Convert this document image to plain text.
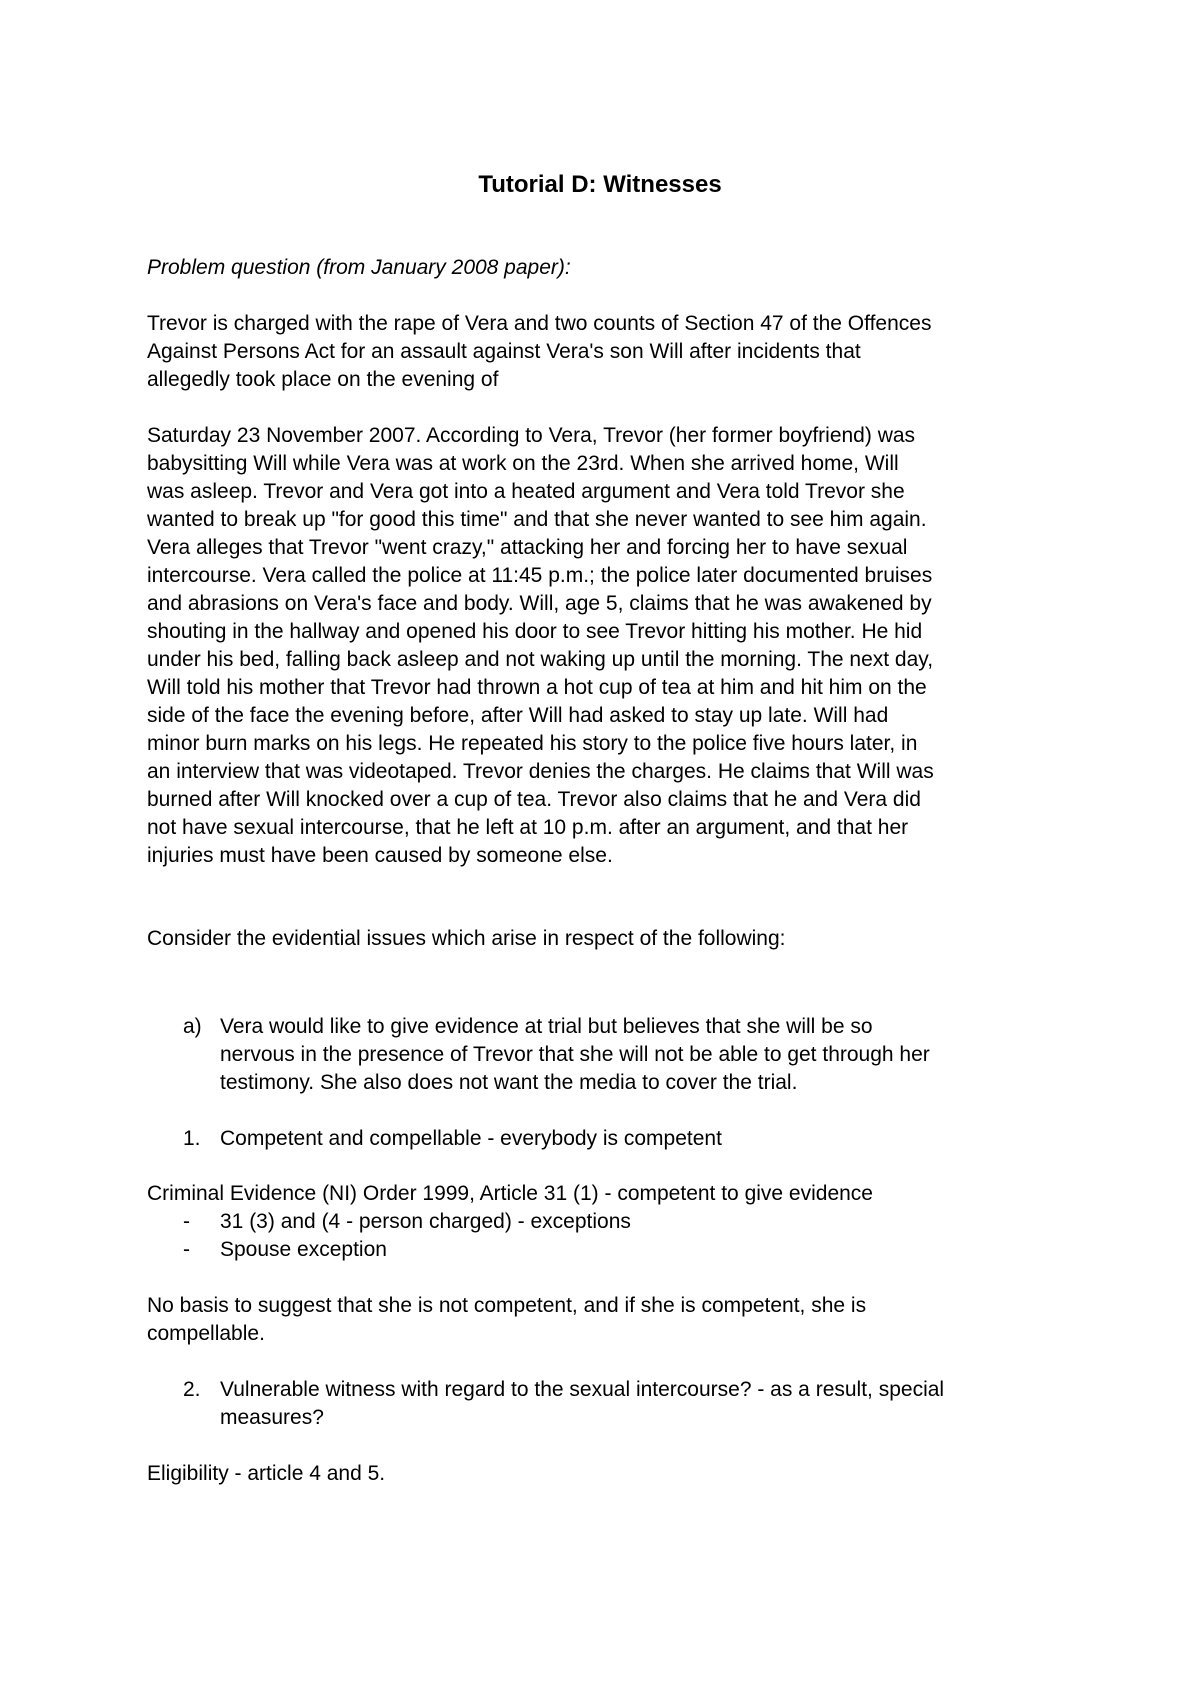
Tutorial D: Witnesses
Problem question (from January 2008 paper):

Trevor is charged with the rape of Vera and two counts of Section 47 of the Offences

Against Persons Act for an assault against Vera's son Will after incidents that

allegedly took place on the evening of

Saturday 23 November 2007. According to Vera, Trevor (her former boyfriend) was

babysitting Will while Vera was at work on the 23rd. When she arrived home, Will

was asleep. Trevor and Vera got into a heated argument and Vera told Trevor she

wanted to break up "for good this time" and that she never wanted to see him again.

Vera alleges that Trevor "went crazy," attacking her and forcing her to have sexual

intercourse. Vera called the police at 11:45 p.m.; the police later documented bruises

and abrasions on Vera's face and body. Will, age 5, claims that he was awakened by

shouting in the hallway and opened his door to see Trevor hitting his mother. He hid

under his bed, falling back asleep and not waking up until the morning. The next day,

Will told his mother that Trevor had thrown a hot cup of tea at him and hit him on the

side of the face the evening before, after Will had asked to stay up late. Will had

minor burn marks on his legs. He repeated his story to the police five hours later, in

an interview that was videotaped. Trevor denies the charges. He claims that Will was

burned after Will knocked over a cup of tea. Trevor also claims that he and Vera did

not have sexual intercourse, that he left at 10 p.m. after an argument, and that her

injuries must have been caused by someone else.

Consider the evidential issues which arise in respect of the following:
a) Vera would like to give evidence at trial but believes that she will be so
nervous in the presence of Trevor that she will not be able to get through her
testimony. She also does not want the media to cover the trial.
1. Competent and compellable - everybody is competent
Criminal Evidence (NI) Order 1999, Article 31 (1) - competent to give evidence
- 31 (3) and (4 - person charged) - exceptions
- Spouse exception

No basis to suggest that she is not competent, and if she is competent, she is

compellable.

2. Vulnerable witness with regard to the sexual intercourse? - as a result, special
measures?
Eligibility - article 4 and 5.
